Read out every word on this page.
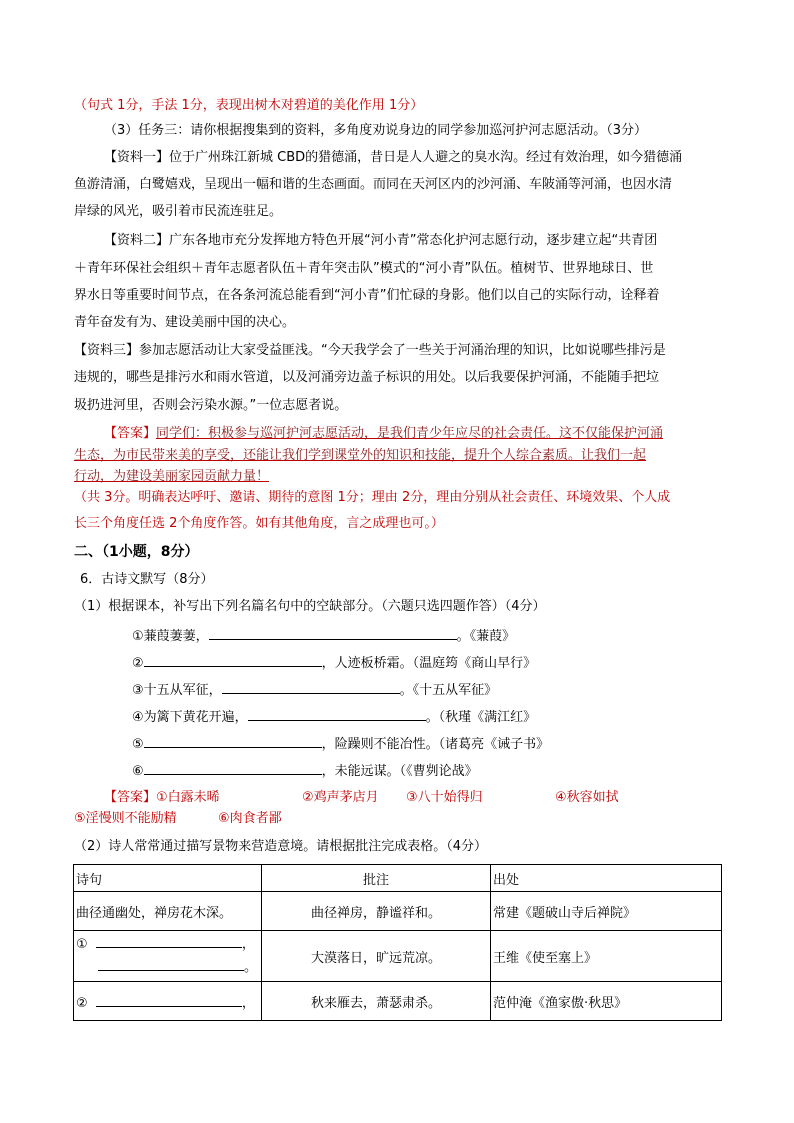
（句式 1分，手法 1分，表现出树木对碧道的美化作用 1分）
（3）任务三：请你根据搜集到的资料，多角度劝说身边的同学参加巡河护河志愿活动。（3分）
【资料一】位于广州珠江新城 CBD的猎德涌，昔日是人人避之的臭水沟。经过有效治理，如今猎德涌
鱼游清涌，白鹭嬉戏，呈现出一幅和谐的生态画面。而同在天河区内的沙河涌、车陂涌等河涌，也因水清
岸绿的风光，吸引着市民流连驻足。
【资料二】广东各地市充分发挥地方特色开展“河小青”常态化护河志愿行动，逐步建立起“共青团
＋青年环保社会组织＋青年志愿者队伍＋青年突击队”模式的“河小青”队伍。植树节、世界地球日、世
界水日等重要时间节点，在各条河流总能看到“河小青”们忙碌的身影。他们以自己的实际行动，诠释着
青年奋发有为、建设美丽中国的决心。
【资料三】参加志愿活动让大家受益匪浅。“今天我学会了一些关于河涌治理的知识，比如说哪些排污是
违规的，哪些是排污水和雨水管道，以及河涌旁边盖子标识的用处。以后我要保护河涌，不能随手把垃
圾扔进河里，否则会污染水源。”一位志愿者说。
【答案】同学们：积极参与巡河护河志愿活动，是我们青少年应尽的社会责任。这不仅能保护河涌
生态，为市民带来美的享受，还能让我们学到课堂外的知识和技能，提升个人综合素质。让我们一起
行动，为建设美丽家园贡献力量！
（共 3分。明确表达呼吁、邀请、期待的意图 1分；理由 2分，理由分别从社会责任、环境效果、个人成
长三个角度任选 2个角度作答。如有其他角度，言之成理也可。）
二、（1小题，8分）
6．古诗文默写（8分）
（1）根据课本，补写出下列名篇名句中的空缺部分。（六题只选四题作答）（4分）
①蒹葭萋萋，	。《蒹葭》
②	，人迹板桥霜。（温庭筠《商山早行》
③十五从军征，	。《十五从军征》
④为篱下黄花开遍，	。（秋瑾《满江红》
⑤	，险躁则不能冶性。（诸葛亮《诫子书》
⑥	，未能远谋。（《曹刿论战》
【答案】①白露未晞	②鸡声茅店月 ③八十始得归	④秋容如拭
⑤淫慢则不能励精	⑥肉食者鄙
（2）诗人常常通过描写景物来营造意境。请根据批注完成表格。（4分）
诗句	批注	出处
曲径通幽处，禅房花木深。	曲径禅房，静谧祥和。	常建《题破山寺后禅院》

① ，
。	大漠落日，旷远荒凉。	王维《使至塞上》
② ，	秋来雁去，萧瑟肃杀。	范仲淹《渔家傲·秋思》
